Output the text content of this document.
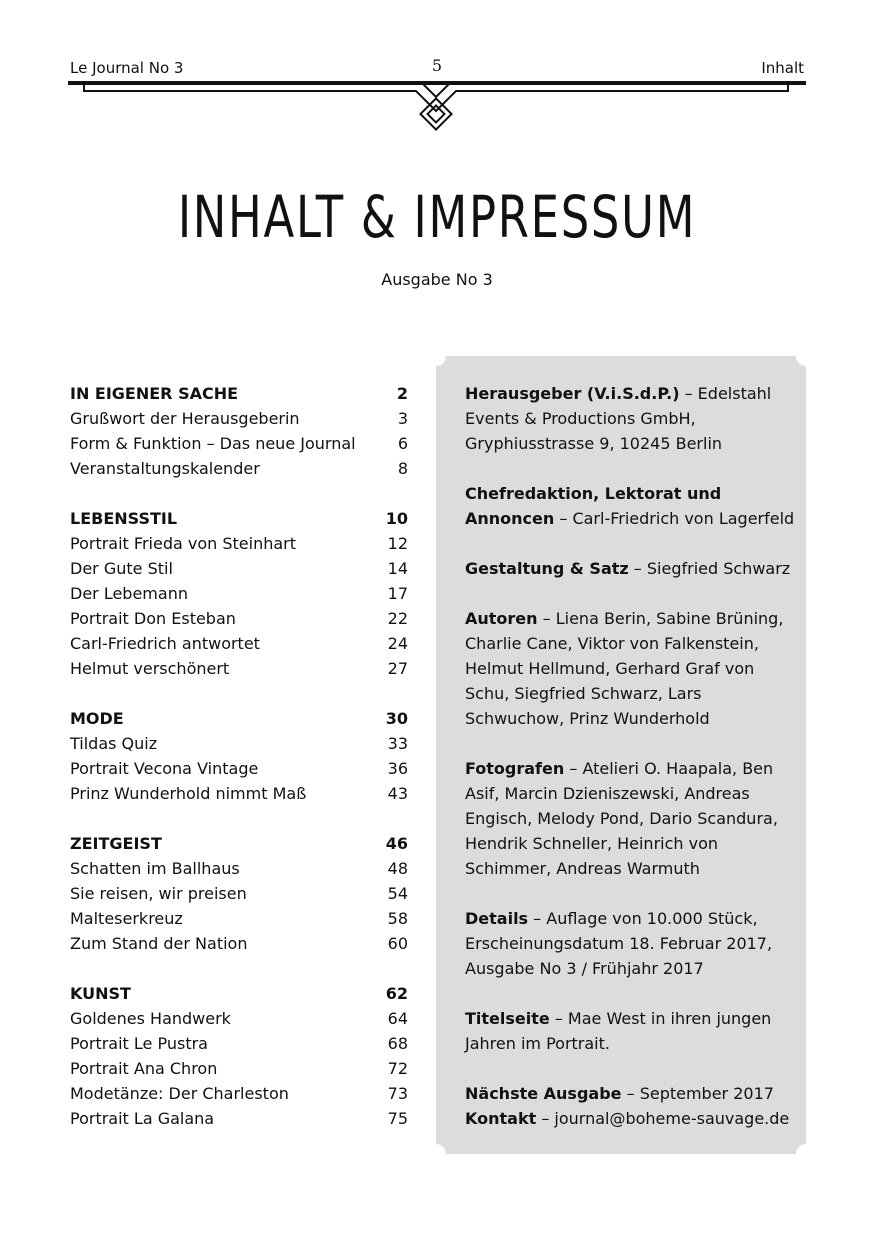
Le Journal No 3	5	Inhalt
INHALT & IMPRESSUM
Ausgabe No 3
IN EIGENER SACHE	2
Grußwort der Herausgeberin	3
Form & Funktion – Das neue Journal	6
Veranstaltungskalender	8
LEBENSSTIL	10
Portrait Frieda von Steinhart	12
Der Gute Stil	14
Der Lebemann	17
Portrait Don Esteban	22
Carl-Friedrich antwortet	24
Helmut verschönert	27
MODE	30
Tildas Quiz	33
Portrait Vecona Vintage	36
Prinz Wunderhold nimmt Maß	43
ZEITGEIST	46
Schatten im Ballhaus	48
Sie reisen, wir preisen	54
Malteserkreuz	58
Zum Stand der Nation	60
KUNST	62
Goldenes Handwerk	64
Portrait Le Pustra	68
Portrait Ana Chron	72
Modetänze: Der Charleston	73
Portrait La Galana	75

Herausgeber (V.i.S.d.P.) – Edelstahl Events & Productions GmbH, Gryphiusstrasse 9, 10245 Berlin

Chefredaktion, Lektorat und Annoncen – Carl-Friedrich von Lagerfeld

Gestaltung & Satz – Siegfried Schwarz

Autoren – Liena Berin, Sabine Brüning, Charlie Cane, Viktor von Falkenstein, Helmut Hellmund, Gerhard Graf von Schu, Siegfried Schwarz, Lars Schwuchow, Prinz Wunderhold

Fotografen – Atelieri O. Haapala, Ben Asif, Marcin Dzieniszewski, Andreas Engisch, Melody Pond, Dario Scandura, Hendrik Schneller, Heinrich von Schimmer, Andreas Warmuth

Details – Auflage von 10.000 Stück, Erscheinungsdatum 18. Februar 2017, Ausgabe No 3 / Frühjahr 2017

Titelseite – Mae West in ihren jungen Jahren im Portrait.

Nächste Ausgabe – September 2017

Kontakt – journal@boheme-sauvage.de
